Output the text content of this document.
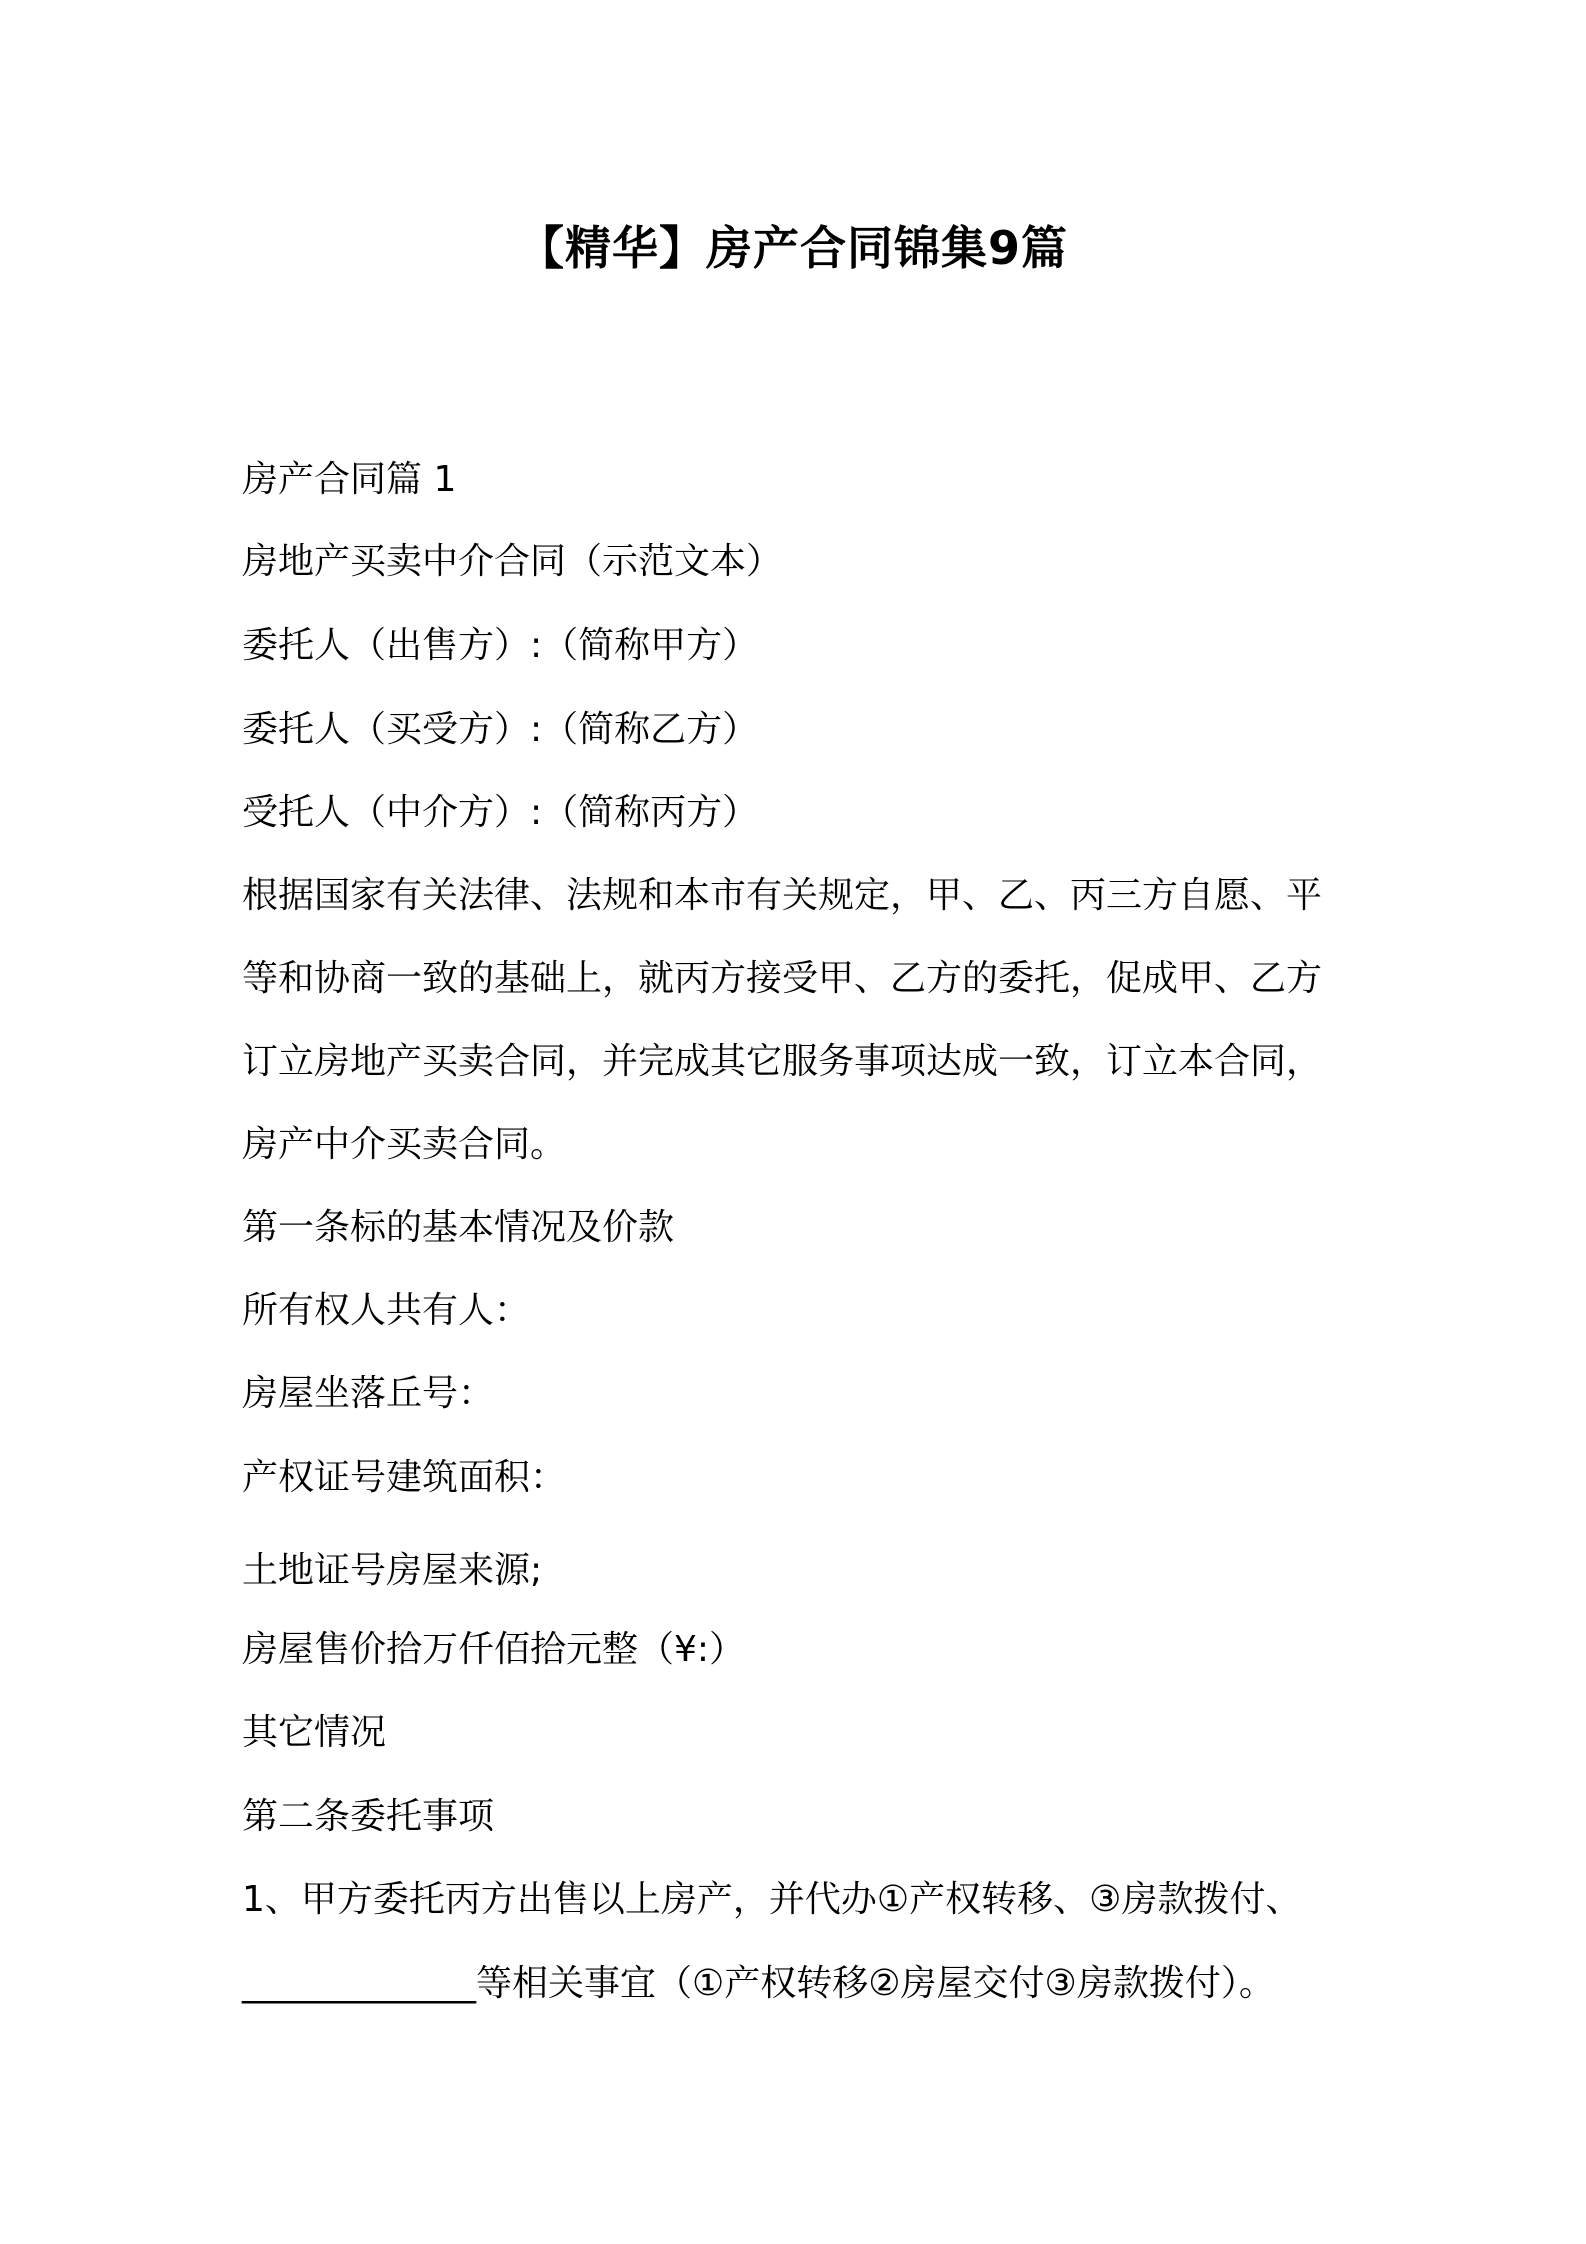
【精华】房产合同锦集9篇

房产合同篇 1

房地产买卖中介合同（示范文本）

委托人（出售方）:（简称甲方）

委托人（买受方）:（简称乙方）

受托人（中介方）:（简称丙方）

根据国家有关法律、法规和本市有关规定，甲、乙、丙三方自愿、平

等和协商一致的基础上，就丙方接受甲、乙方的委托，促成甲、乙方

订立房地产买卖合同，并完成其它服务事项达成一致，订立本合同，

房产中介买卖合同。

第一条标的基本情况及价款

所有权人共有人：

房屋坐落丘号：

产权证号建筑面积：

土地证号房屋来源;

房屋售价拾万仟佰拾元整（¥:）

其它情况

第二条委托事项

1、甲方委托丙方出售以上房产，并代办①产权转移、③房款拨付、

_____________等相关事宜（①产权转移②房屋交付③房款拨付）。
